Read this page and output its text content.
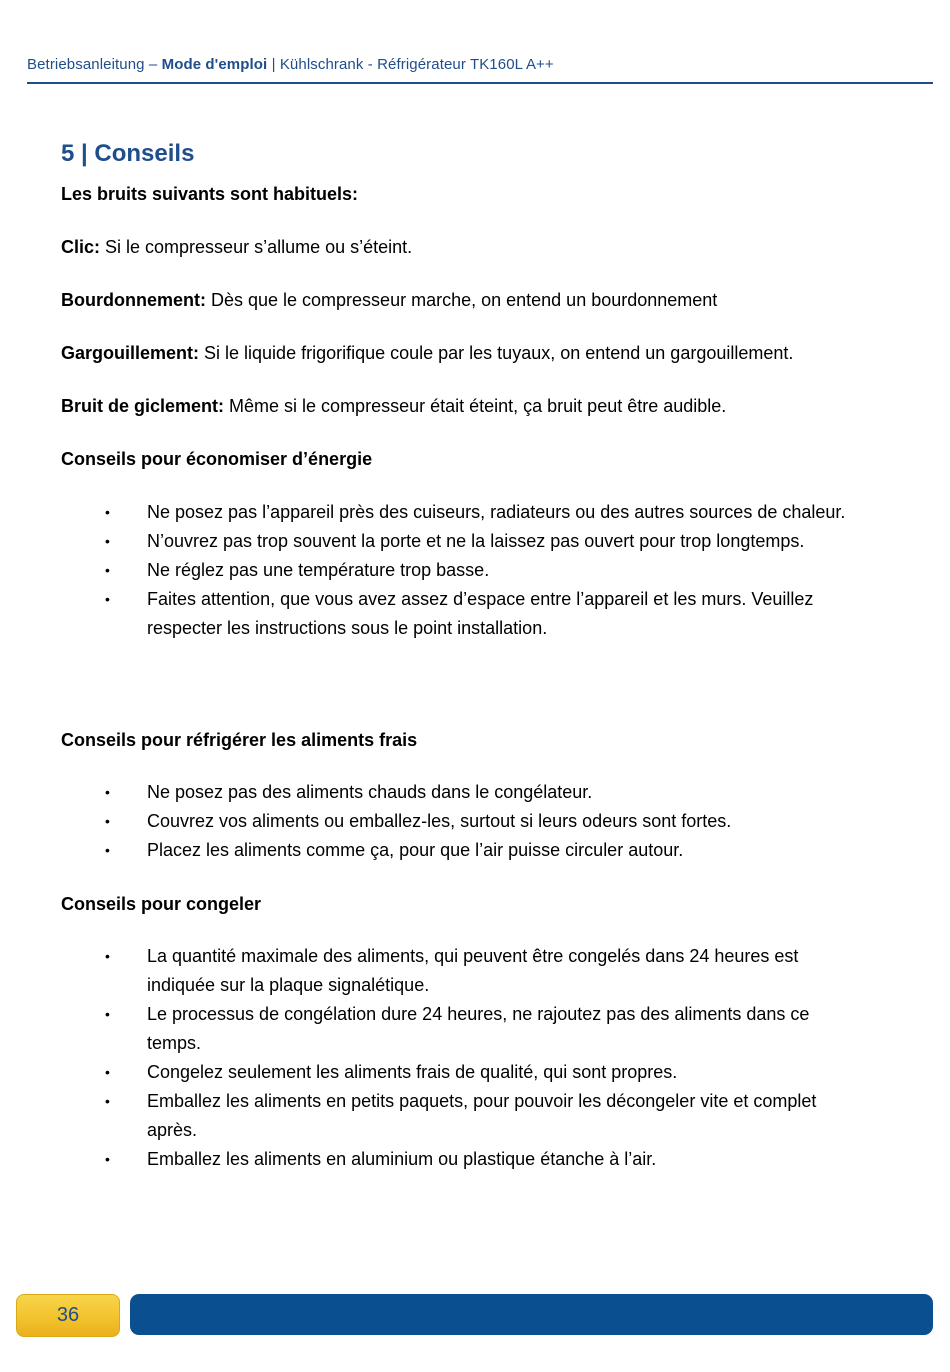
Betriebsanleitung – Mode d'emploi | Kühlschrank - Réfrigérateur TK160L A++
5 | Conseils
Les bruits suivants sont habituels:
Clic: Si le compresseur s’allume ou s’éteint.
Bourdonnement: Dès que le compresseur marche, on entend un bourdonnement
Gargouillement: Si le liquide frigorifique coule par les tuyaux, on entend un gargouillement.
Bruit de giclement: Même si le compresseur était éteint, ça bruit peut être audible.
Conseils pour économiser d’énergie
• Ne posez pas l’appareil près des cuiseurs, radiateurs ou des autres sources de chaleur.
• N’ouvrez pas trop souvent la porte et ne la laissez pas ouvert pour trop longtemps.
• Ne réglez pas une température trop basse.
• Faites attention, que vous avez assez d’espace entre l’appareil et les murs. Veuillez respecter les instructions sous le point installation.
Conseils pour réfrigérer les aliments frais
• Ne posez pas des aliments chauds dans le congélateur.
• Couvrez vos aliments ou emballez-les, surtout si leurs odeurs sont fortes.
• Placez les aliments comme ça, pour que l’air puisse circuler autour.
Conseils pour congeler
• La quantité maximale des aliments, qui peuvent être congelés dans 24 heures est indiquée sur la plaque signalétique.
• Le processus de congélation dure 24 heures, ne rajoutez pas des aliments dans ce temps.
• Congelez seulement les aliments frais de qualité, qui sont propres.
• Emballez les aliments en petits paquets, pour pouvoir les décongeler vite et complet après.
• Emballez les aliments en aluminium ou plastique étanche à l’air.
36
